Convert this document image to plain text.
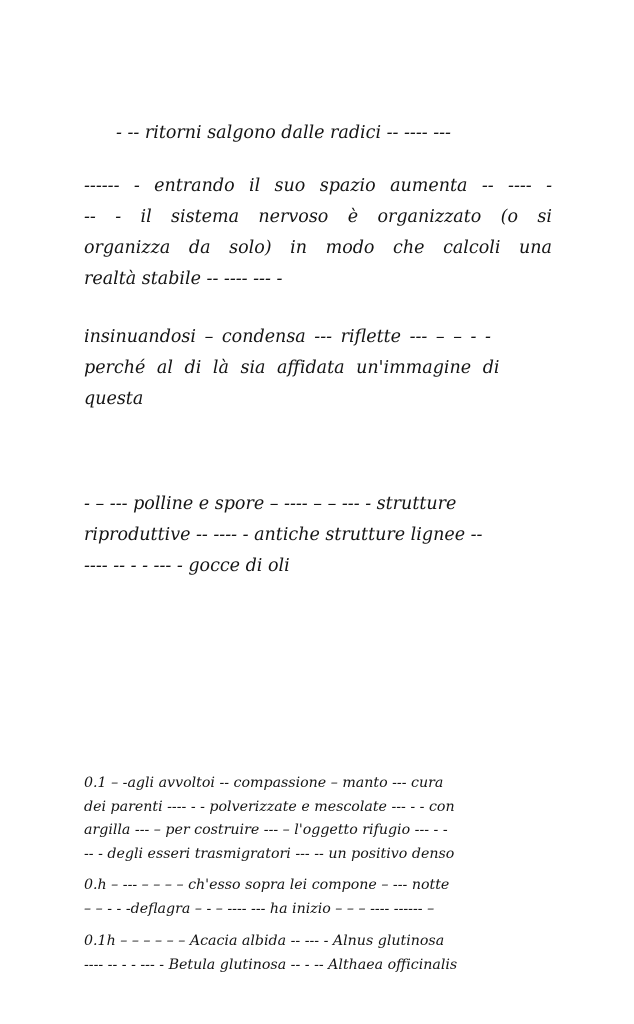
- -- ritorni salgono dalle radici -- ---- ---

------ - entrando il suo spazio aumenta -- ---- -
-- - il sistema nervoso è organizzato (o si
organizza da solo) in modo che calcoli una
realtà stabile -- ---- --- -

insinuandosi – condensa --- riflette --- – – - -
perché al di là sia affidata un'immagine di
questa

- – --- polline e spore – ---- – – --- - strutture
riproduttive -- ---- - antiche strutture lignee --
---- -- - - --- - gocce di oli

0.1 – -agli avvoltoi -- compassione – manto --- cura
dei parenti ---- - - polverizzate e mescolate --- - - con
argilla --- – per costruire --- – l'oggetto rifugio --- - -
-- - degli esseri trasmigratori --- -- un positivo denso
0.h – --- – – – – ch'esso sopra lei compone – --- notte
– – - - -deflagra – - – ---- --- ha inizio – – – ---- ------ –
0.1h – – – – – – Acacia albida -- --- - Alnus glutinosa
---- -- - - --- - Betula glutinosa -- - -- Althaea officinalis
